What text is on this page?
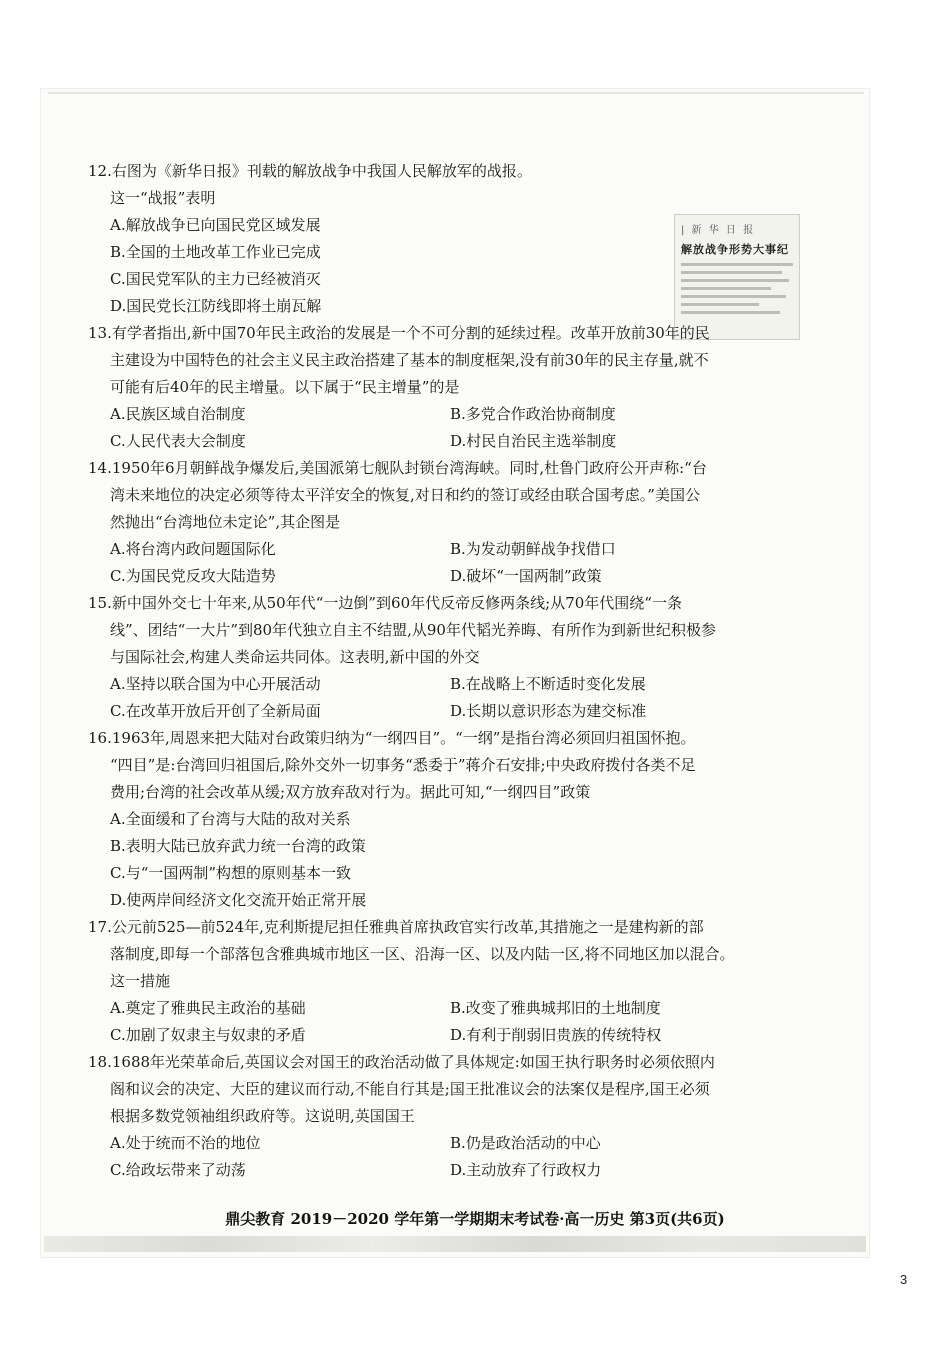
| 新 华 日 报
解放战争形势大事纪
12.右图为《新华日报》刊载的解放战争中我国人民解放军的战报。
这一“战报”表明
A.解放战争已向国民党区域发展
B.全国的土地改革工作业已完成
C.国民党军队的主力已经被消灭
D.国民党长江防线即将土崩瓦解
13.有学者指出,新中国70年民主政治的发展是一个不可分割的延续过程。改革开放前30年的民
主建设为中国特色的社会主义民主政治搭建了基本的制度框架,没有前30年的民主存量,就不
可能有后40年的民主增量。以下属于“民主增量”的是
A.民族区域自治制度	B.多党合作政治协商制度
C.人民代表大会制度	D.村民自治民主选举制度
14.1950年6月朝鲜战争爆发后,美国派第七舰队封锁台湾海峡。同时,杜鲁门政府公开声称:“台
湾未来地位的决定必须等待太平洋安全的恢复,对日和约的签订或经由联合国考虑。”美国公
然抛出“台湾地位未定论”,其企图是
A.将台湾内政问题国际化	B.为发动朝鲜战争找借口
C.为国民党反攻大陆造势	D.破坏“一国两制”政策
15.新中国外交七十年来,从50年代“一边倒”到60年代反帝反修两条线;从70年代围绕“一条
线”、团结“一大片”到80年代独立自主不结盟,从90年代韬光养晦、有所作为到新世纪积极参
与国际社会,构建人类命运共同体。这表明,新中国的外交
A.坚持以联合国为中心开展活动	B.在战略上不断适时变化发展
C.在改革开放后开创了全新局面	D.长期以意识形态为建交标准
16.1963年,周恩来把大陆对台政策归纳为“一纲四目”。“一纲”是指台湾必须回归祖国怀抱。
“四目”是:台湾回归祖国后,除外交外一切事务“悉委于”蒋介石安排;中央政府拨付各类不足
费用;台湾的社会改革从缓;双方放弃敌对行为。据此可知,“一纲四目”政策
A.全面缓和了台湾与大陆的敌对关系
B.表明大陆已放弃武力统一台湾的政策
C.与“一国两制”构想的原则基本一致
D.使两岸间经济文化交流开始正常开展
17.公元前525—前524年,克利斯提尼担任雅典首席执政官实行改革,其措施之一是建构新的部
落制度,即每一个部落包含雅典城市地区一区、沿海一区、以及内陆一区,将不同地区加以混合。
这一措施
A.奠定了雅典民主政治的基础	B.改变了雅典城邦旧的土地制度
C.加剧了奴隶主与奴隶的矛盾	D.有利于削弱旧贵族的传统特权
18.1688年光荣革命后,英国议会对国王的政治活动做了具体规定:如国王执行职务时必须依照内
阁和议会的决定、大臣的建议而行动,不能自行其是;国王批准议会的法案仅是程序,国王必须
根据多数党领袖组织政府等。这说明,英国国王
A.处于统而不治的地位	B.仍是政治活动的中心
C.给政坛带来了动荡	D.主动放弃了行政权力
鼎尖教育 2019－2020 学年第一学期期末考试卷·高一历史 第3页(共6页)
3
